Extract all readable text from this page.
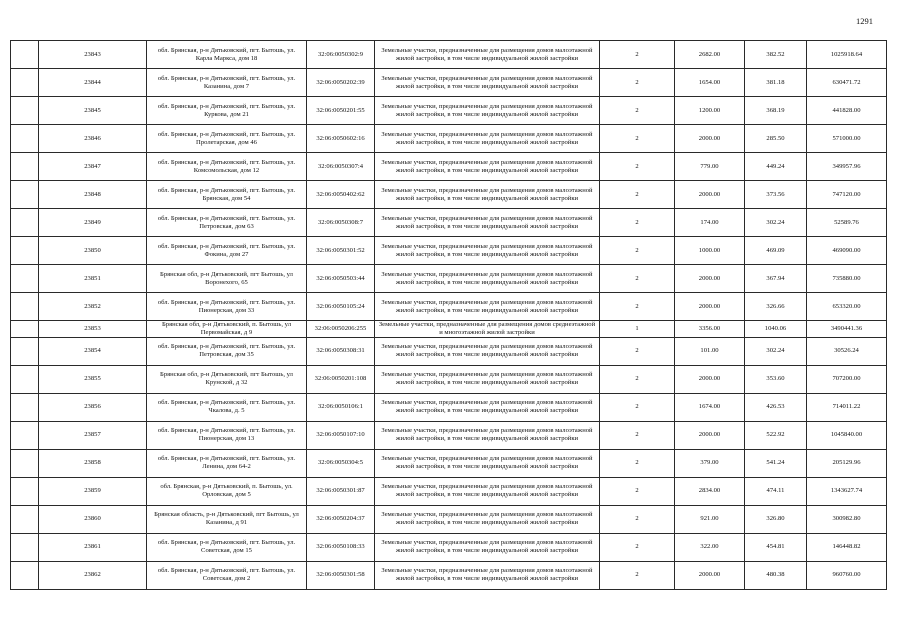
1291
	23843	обл. Брянская, р-н Дятьковский, пгт. Бытошь, ул. Карла Маркса, дом 18	32:06:0050302:9	Земельные участки, предназначенные для размещения домов малоэтажной жилой застройки, в том числе индивидуальной жилой застройки	2	2682.00	382.52	1025918.64
	23844	обл. Брянская, р-н Дятьковский, пгт. Бытошь, ул. Казанина, дом 7	32:06:0050202:39	Земельные участки, предназначенные для размещения домов малоэтажной жилой застройки, в том числе индивидуальной жилой застройки	2	1654.00	381.18	630471.72
	23845	обл. Брянская, р-н Дятьковский, пгт. Бытошь, ул. Куркова, дом 21	32:06:0050201:55	Земельные участки, предназначенные для размещения домов малоэтажной жилой застройки, в том числе индивидуальной жилой застройки	2	1200.00	368.19	441828.00
	23846	обл. Брянская, р-н Дятьковский, пгт. Бытошь, ул. Пролетарская, дом 46	32:06:0050602:16	Земельные участки, предназначенные для размещения домов малоэтажной жилой застройки, в том числе индивидуальной жилой застройки	2	2000.00	285.50	571000.00
	23847	обл. Брянская, р-н Дятьковский, пгт. Бытошь, ул. Комсомольская, дом 12	32:06:0050307:4	Земельные участки, предназначенные для размещения домов малоэтажной жилой застройки, в том числе индивидуальной жилой застройки	2	779.00	449.24	349957.96
	23848	обл. Брянская, р-н Дятьковский, пгт. Бытошь, ул. Брянская, дом 54	32:06:0050402:62	Земельные участки, предназначенные для размещения домов малоэтажной жилой застройки, в том числе индивидуальной жилой застройки	2	2000.00	373.56	747120.00
	23849	обл. Брянская, р-н Дятьковский, пгт. Бытошь, ул. Петровская, дом 63	32:06:0050308:7	Земельные участки, предназначенные для размещения домов малоэтажной жилой застройки, в том числе индивидуальной жилой застройки	2	174.00	302.24	52589.76
	23850	обл. Брянская, р-н Дятьковский, пгт. Бытошь, ул. Фокина, дом 27	32:06:0050301:52	Земельные участки, предназначенные для размещения домов малоэтажной жилой застройки, в том числе индивидуальной жилой застройки	2	1000.00	469.09	469090.00
	23851	Брянская обл, р-н Дятьковский, пгт Бытошь, ул Воронехого, 65	32:06:0050503:44	Земельные участки, предназначенные для размещения домов малоэтажной жилой застройки, в том числе индивидуальной жилой застройки	2	2000.00	367.94	735880.00
	23852	обл. Брянская, р-н Дятьковский, пгт. Бытошь, ул. Пионерская, дом 33	32:06:0050105:24	Земельные участки, предназначенные для размещения домов малоэтажной жилой застройки, в том числе индивидуальной жилой застройки	2	2000.00	326.66	653320.00
	23853	Брянская обл, р-н Дятьковский, п. Бытошь, ул Первомайская, д 9	32:06:0050206:255	Земельные участки, предназначенные для размещения домов среднеэтажной и многоэтажной жилой застройки	1	3356.00	1040.06	3490441.36
	23854	обл. Брянская, р-н Дятьковский, пгт. Бытошь, ул. Петровская, дом 35	32:06:0050308:31	Земельные участки, предназначенные для размещения домов малоэтажной жилой застройки, в том числе индивидуальной жилой застройки	2	101.00	302.24	30526.24
	23855	Брянская обл, р-н Дятьковский, пгт Бытошь, ул Крунской, д 32	32:06:0050201:108	Земельные участки, предназначенные для размещения домов малоэтажной жилой застройки, в том числе индивидуальной жилой застройки	2	2000.00	353.60	707200.00
	23856	обл. Брянская, р-н Дятьковский, пгт. Бытошь, ул. Чкалова, д. 5	32:06:0050106:1	Земельные участки, предназначенные для размещения домов малоэтажной жилой застройки, в том числе индивидуальной жилой застройки	2	1674.00	426.53	714011.22
	23857	обл. Брянская, р-н Дятьковский, пгт. Бытошь, ул. Пионерская, дом 13	32:06:0050107:10	Земельные участки, предназначенные для размещения домов малоэтажной жилой застройки, в том числе индивидуальной жилой застройки	2	2000.00	522.92	1045840.00
	23858	обл. Брянская, р-н Дятьковский, пгт. Бытошь, ул. Ленина, дом 64-2	32:06:0050304:5	Земельные участки, предназначенные для размещения домов малоэтажной жилой застройки, в том числе индивидуальной жилой застройки	2	379.00	541.24	205129.96
	23859	обл. Брянская, р-н Дятьковский, п. Бытошь, ул. Орловская, дом 5	32:06:0050301:87	Земельные участки, предназначенные для размещения домов малоэтажной жилой застройки, в том числе индивидуальной жилой застройки	2	2834.00	474.11	1343627.74
	23860	Брянская область, р-н Дятьковский, пгт Бытошь, ул Казанина, д 91	32:06:0050204:37	Земельные участки, предназначенные для размещения домов малоэтажной жилой застройки, в том числе индивидуальной жилой застройки	2	921.00	326.80	300982.80
	23861	обл. Брянская, р-н Дятьковский, пгт. Бытошь, ул. Советская, дом 15	32:06:0050108:33	Земельные участки, предназначенные для размещения домов малоэтажной жилой застройки, в том числе индивидуальной жилой застройки	2	322.00	454.81	146448.82
	23862	обл. Брянская, р-н Дятьковский, пгт. Бытошь, ул. Советская, дом 2	32:06:0050301:58	Земельные участки, предназначенные для размещения домов малоэтажной жилой застройки, в том числе индивидуальной жилой застройки	2	2000.00	480.38	960760.00
